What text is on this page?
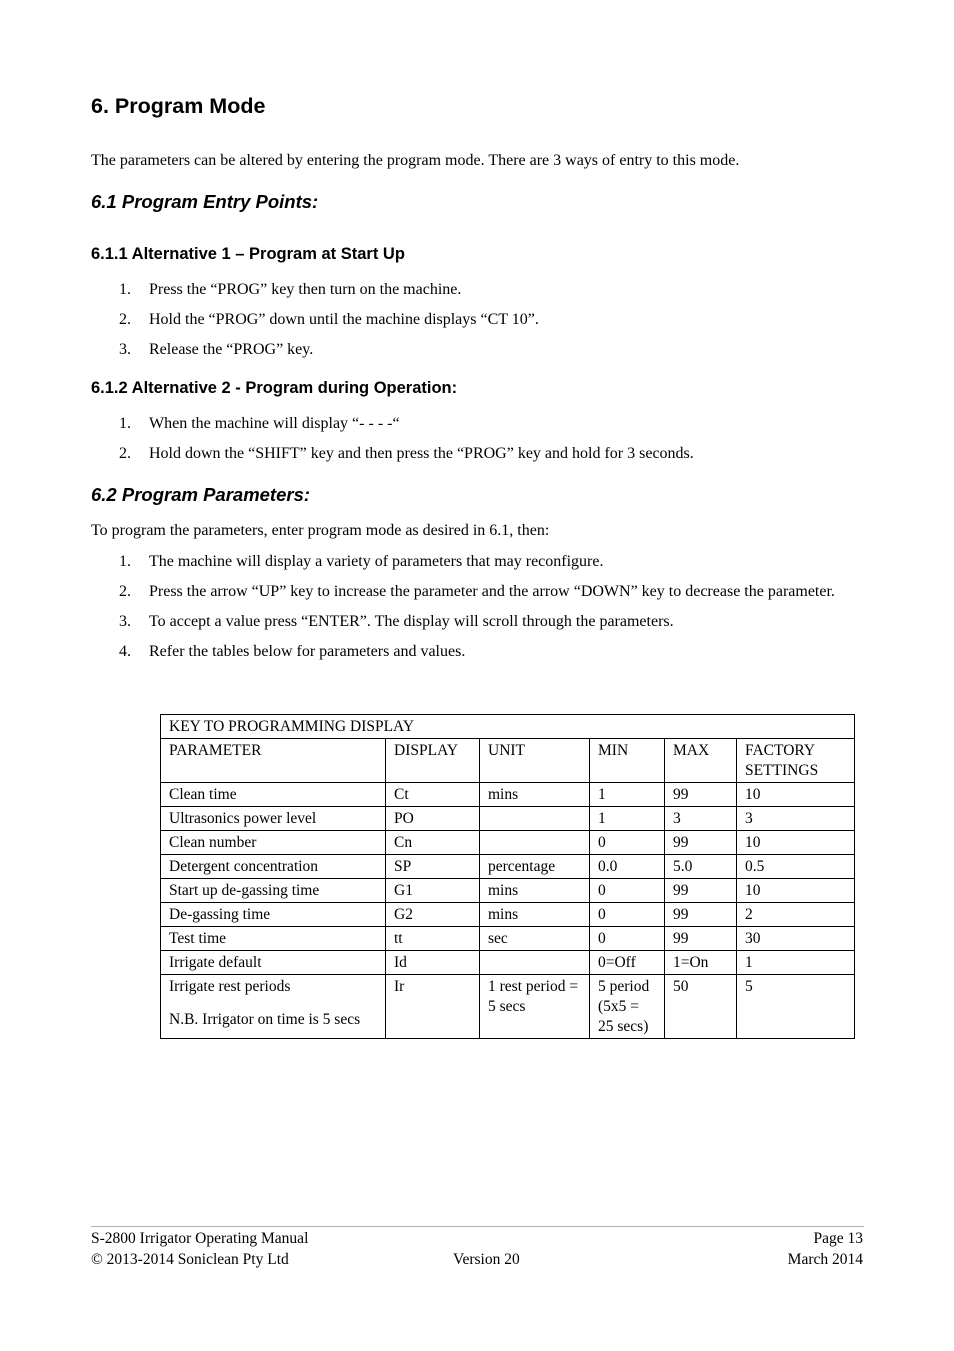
6. Program Mode
The parameters can be altered by entering the program mode. There are 3 ways of entry to this mode.
6.1 Program Entry Points:
6.1.1 Alternative 1 – Program at Start Up
1. Press the “PROG” key then turn on the machine.
2. Hold the “PROG” down until the machine displays “CT 10”.
3. Release the “PROG” key.
6.1.2 Alternative 2 - Program during Operation:
1. When the machine will display “- - - -“
2. Hold down the “SHIFT” key and then press the “PROG” key and hold for 3 seconds.
6.2 Program Parameters:
To program the parameters, enter program mode as desired in 6.1, then:
1. The machine will display a variety of parameters that may reconfigure.
2. Press the arrow “UP” key to increase the parameter and the arrow “DOWN” key to decrease the parameter.
3. To accept a value press “ENTER”. The display will scroll through the parameters.
4. Refer the tables below for parameters and values.
KEY TO PROGRAMMING DISPLAY					
PARAMETER	DISPLAY	UNIT	MIN	MAX	FACTORY SETTINGS
Clean time	Ct	mins	1	99	10
Ultrasonics power level	PO		1	3	3
Clean number	Cn		0	99	10
Detergent concentration	SP	percentage	0.0	5.0	0.5
Start up de-gassing time	G1	mins	0	99	10
De-gassing time	G2	mins	0	99	2
Test time	tt	sec	0	99	30
Irrigate default	Id		0=Off	1=On	1

Irrigate rest periods
N.B. Irrigator on time is 5 secs	Ir	1 rest period = 5 secs	5 period (5x5 = 25 secs)	50	5
S-2800 Irrigator Operating Manual	Page 13
© 2013-2014 Soniclean Pty Ltd	Version 20	March 2014
